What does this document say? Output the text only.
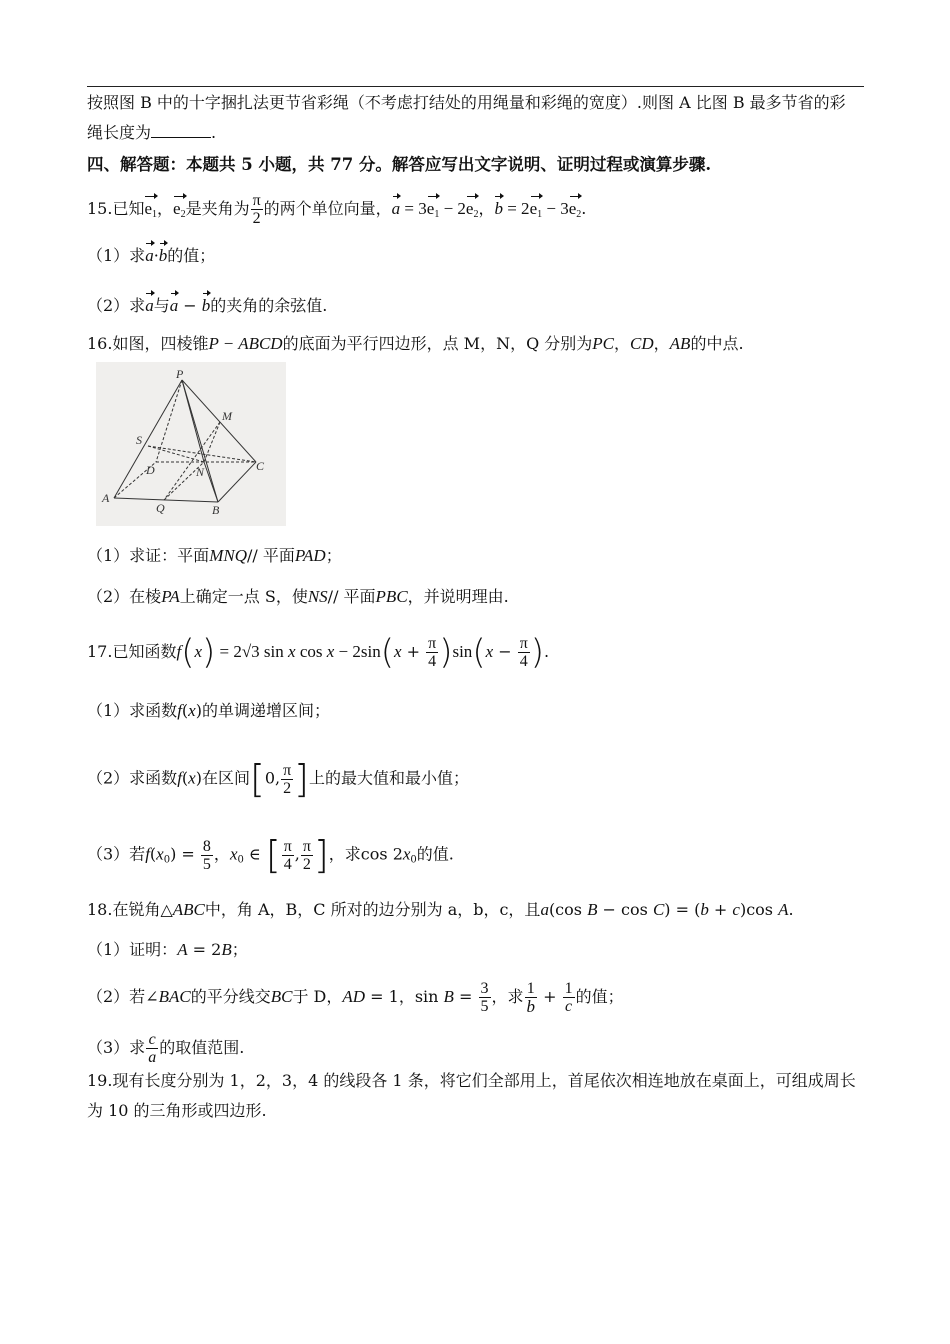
按照图 B 中的十字捆扎法更节省彩绳（不考虑打结处的用绳量和彩绳的宽度）.则图 A 比图 B 最多节省的彩
绳长度为	.
四、解答题：本题共 5 小题，共 77 分。解答应写出文字说明、证明过程或演算步骤.
15.已知e1，e2是夹角为 $\frac{\pi}{2}$ 的两个单位向量，a = 3e1 − 2e2，b = 2e1 − 3e2.
（1）求a·b的值；
（2）求a与a − b的夹角的余弦值.
16.如图，四棱锥P − ABCD的底面为平行四边形，点 M，N，Q 分别为PC，CD，AB的中点.
P
M
S
D	N	C
A
Q	B
（1）求证：平面MNQ// 平面PAD；
（2）在棱PA上确定一点 S，使NS// 平面PBC，并说明理由.
17.已知函数f(x) = 2√3 sin x $\cos x - 2\sin(x + \frac{\pi}{4} )\sin(x - \frac{\pi}{4}$ ).
（1）求函数f(x)的单调递增区间；
（2）求函数f(x)在区间[0, $\frac{\pi}{2}$ ]上的最大值和最小值；
（3）若$f(x0) = \frac{8}{5}$ ，x0 ∈ [ $\frac{\pi}{4}$ , $\frac{\pi}{2}$ ]，求cos 2x0的值.
18.在锐角△ABC中，角 A，B，C 所对的边分别为 a，b，c，且a(cos B − cos C) = (b + c)cos A.
（1）证明：A = 2B；
（2）若∠BAC的平分线交BC于 D，AD = 1，$\sin B = \frac{3}{5}$ ，求 $\frac{1}{b} + \frac{1}{c}$ 的值；
（3）求 $\frac{c}{a}$ 的取值范围.
19.现有长度分别为 1，2，3，4 的线段各 1 条，将它们全部用上，首尾依次相连地放在桌面上，可组成周长
为 10 的三角形或四边形.
